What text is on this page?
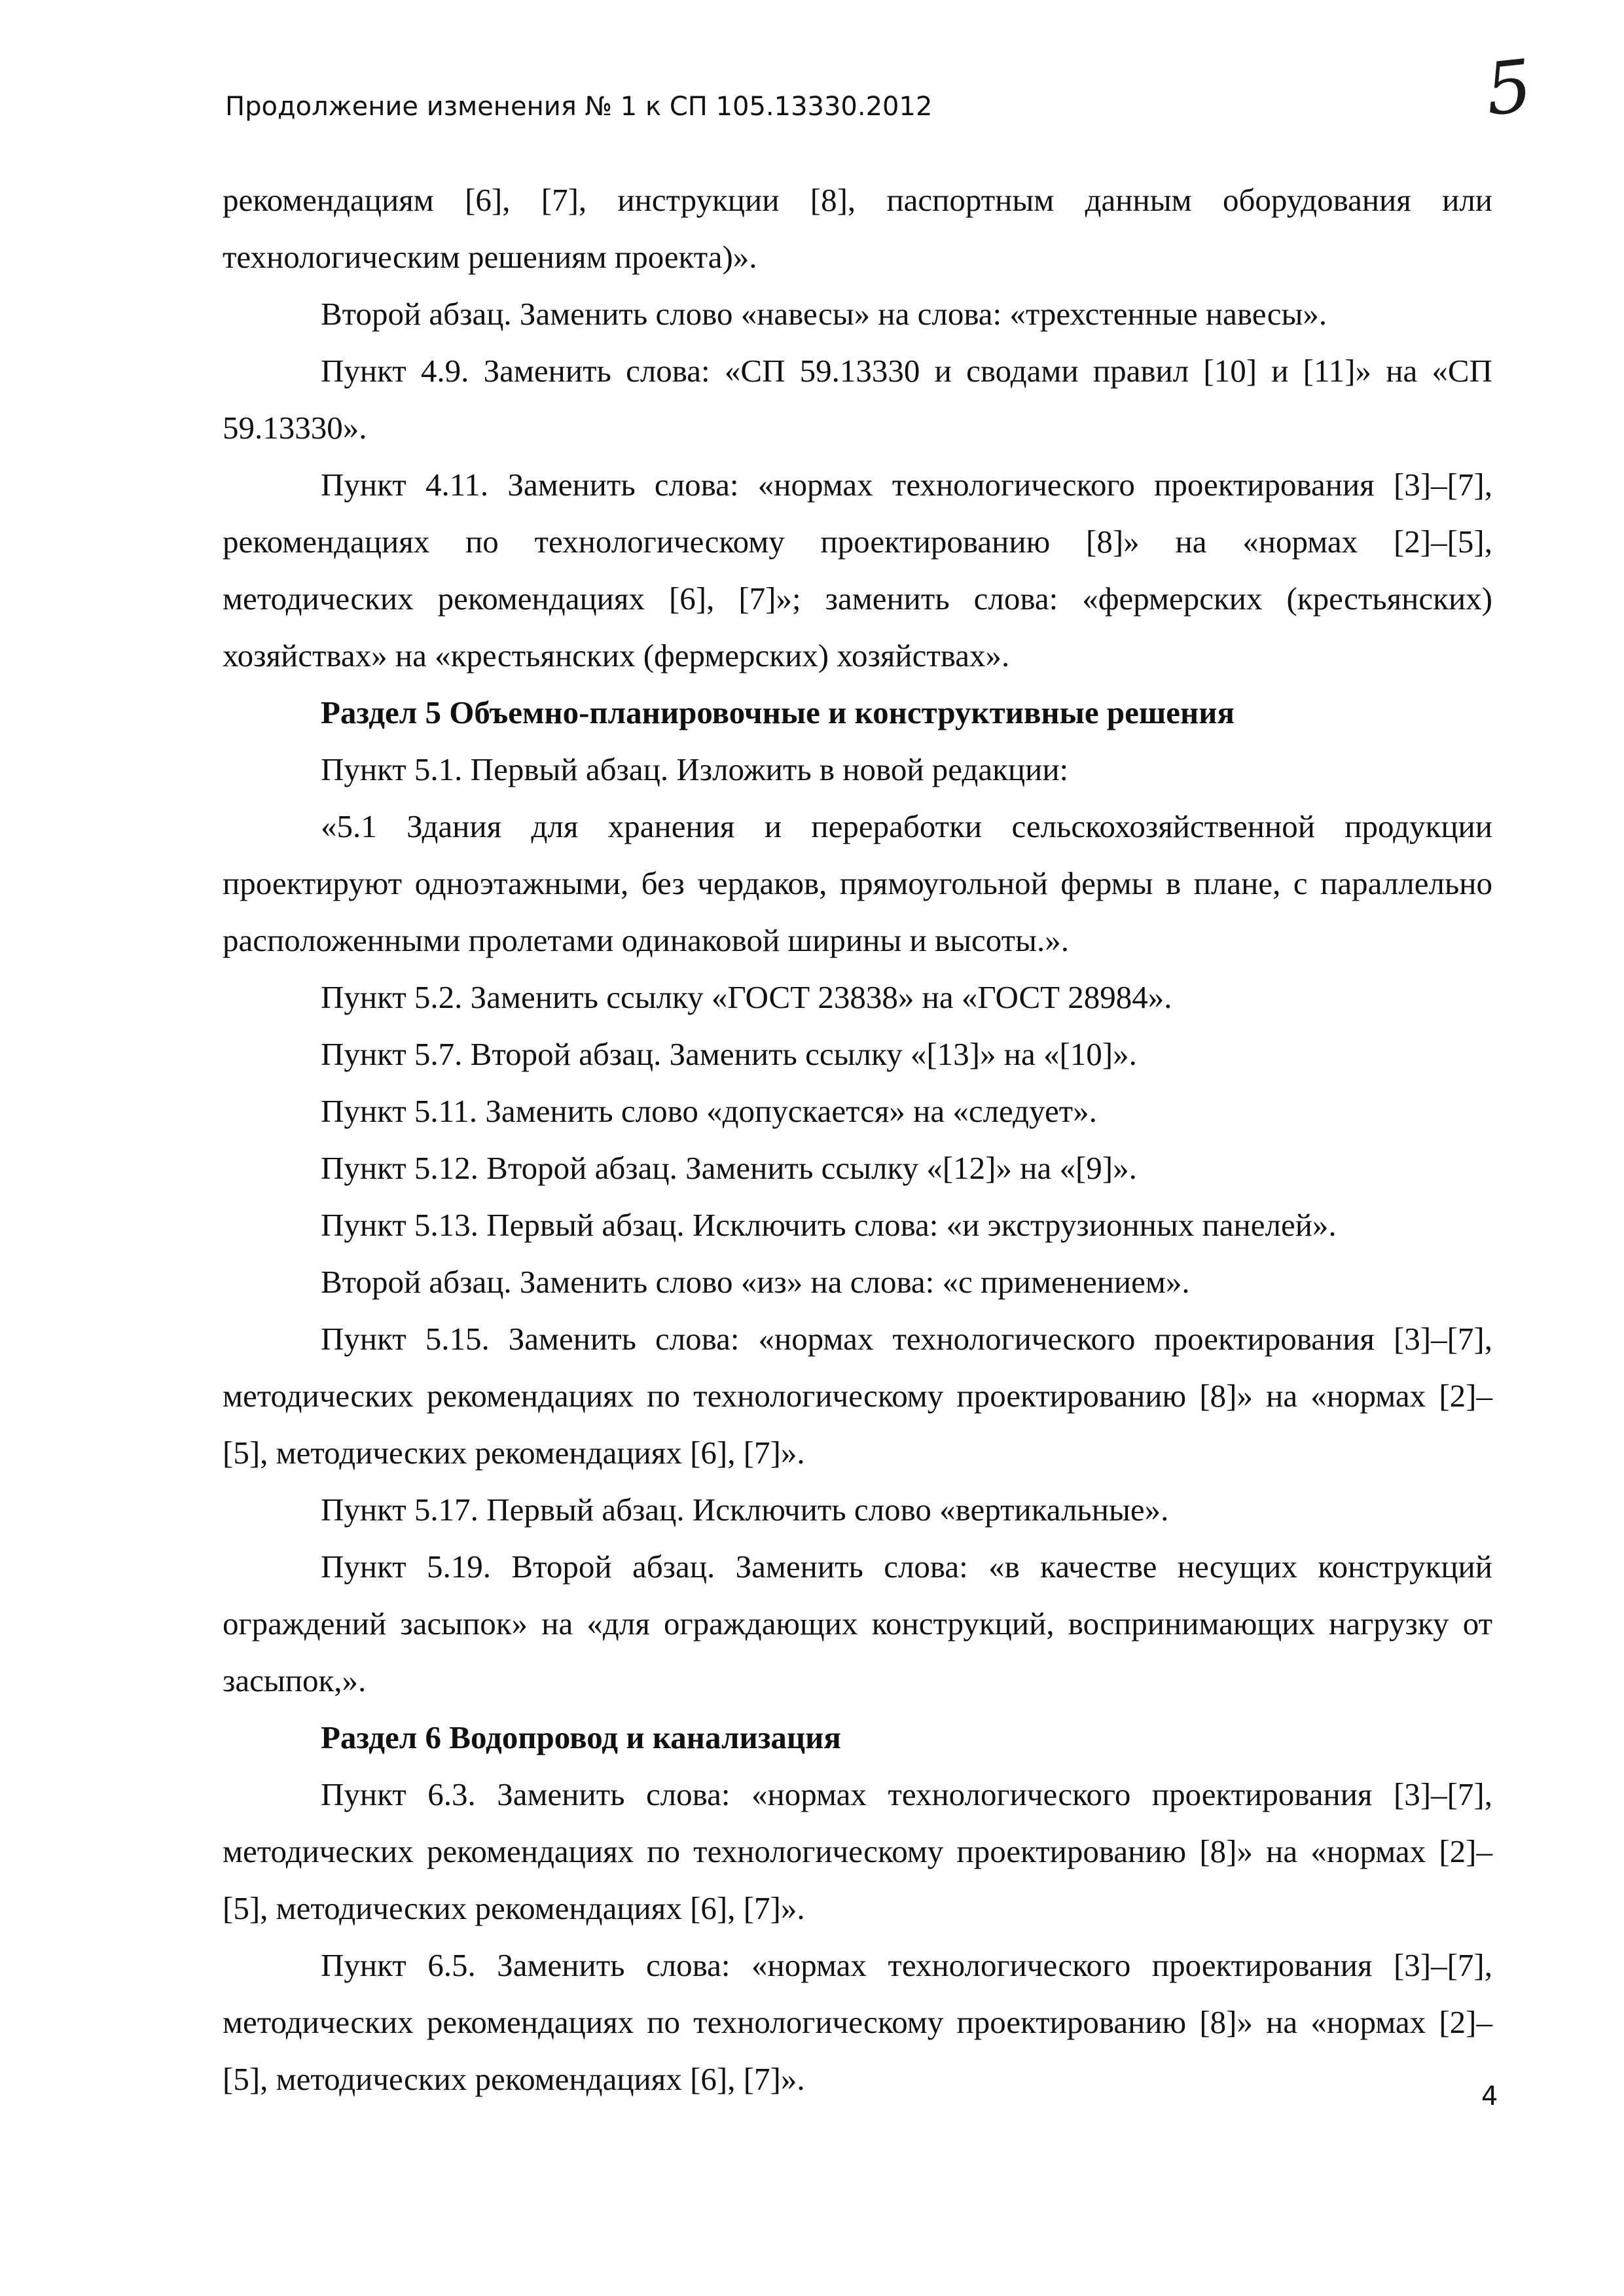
Продолжение изменения № 1 к СП 105.13330.2012	5

рекомендациям [6], [7], инструкции [8], паспортным данным оборудования или технологическим решениям проекта)».

Второй абзац. Заменить слово «навесы» на слова: «трехстенные навесы».

Пункт 4.9. Заменить слова: «СП 59.13330 и сводами правил [10] и [11]» на «СП 59.13330».

Пункт 4.11. Заменить слова: «нормах технологического проектирования [3]–[7], рекомендациях по технологическому проектированию [8]» на «нормах [2]–[5], методических рекомендациях [6], [7]»; заменить слова: «фермерских (крестьянских) хозяйствах» на «крестьянских (фермерских) хозяйствах».

Раздел 5 Объемно-планировочные и конструктивные решения

Пункт 5.1. Первый абзац. Изложить в новой редакции:

«5.1 Здания для хранения и переработки сельскохозяйственной продукции проектируют одноэтажными, без чердаков, прямоугольной фермы в плане, с параллельно расположенными пролетами одинаковой ширины и высоты.».

Пункт 5.2. Заменить ссылку «ГОСТ 23838» на «ГОСТ 28984».

Пункт 5.7. Второй абзац. Заменить ссылку «[13]» на «[10]».

Пункт 5.11. Заменить слово «допускается» на «следует».

Пункт 5.12. Второй абзац. Заменить ссылку «[12]» на «[9]».

Пункт 5.13. Первый абзац. Исключить слова: «и экструзионных панелей».

Второй абзац. Заменить слово «из» на слова: «с применением».

Пункт 5.15. Заменить слова: «нормах технологического проектирования [3]–[7], методических рекомендациях по технологическому проектированию [8]» на «нормах [2]–[5], методических рекомендациях [6], [7]».

Пункт 5.17. Первый абзац. Исключить слово «вертикальные».

Пункт 5.19. Второй абзац. Заменить слова: «в качестве несущих конструкций ограждений засыпок» на «для ограждающих конструкций, воспринимающих нагрузку от засыпок,».

Раздел 6 Водопровод и канализация

Пункт 6.3. Заменить слова: «нормах технологического проектирования [3]–[7], методических рекомендациях по технологическому проектированию [8]» на «нормах [2]–[5], методических рекомендациях [6], [7]».

Пункт 6.5. Заменить слова: «нормах технологического проектирования [3]–[7], методических рекомендациях по технологическому проектированию [8]» на «нормах [2]–[5], методических рекомендациях [6], [7]».	4
